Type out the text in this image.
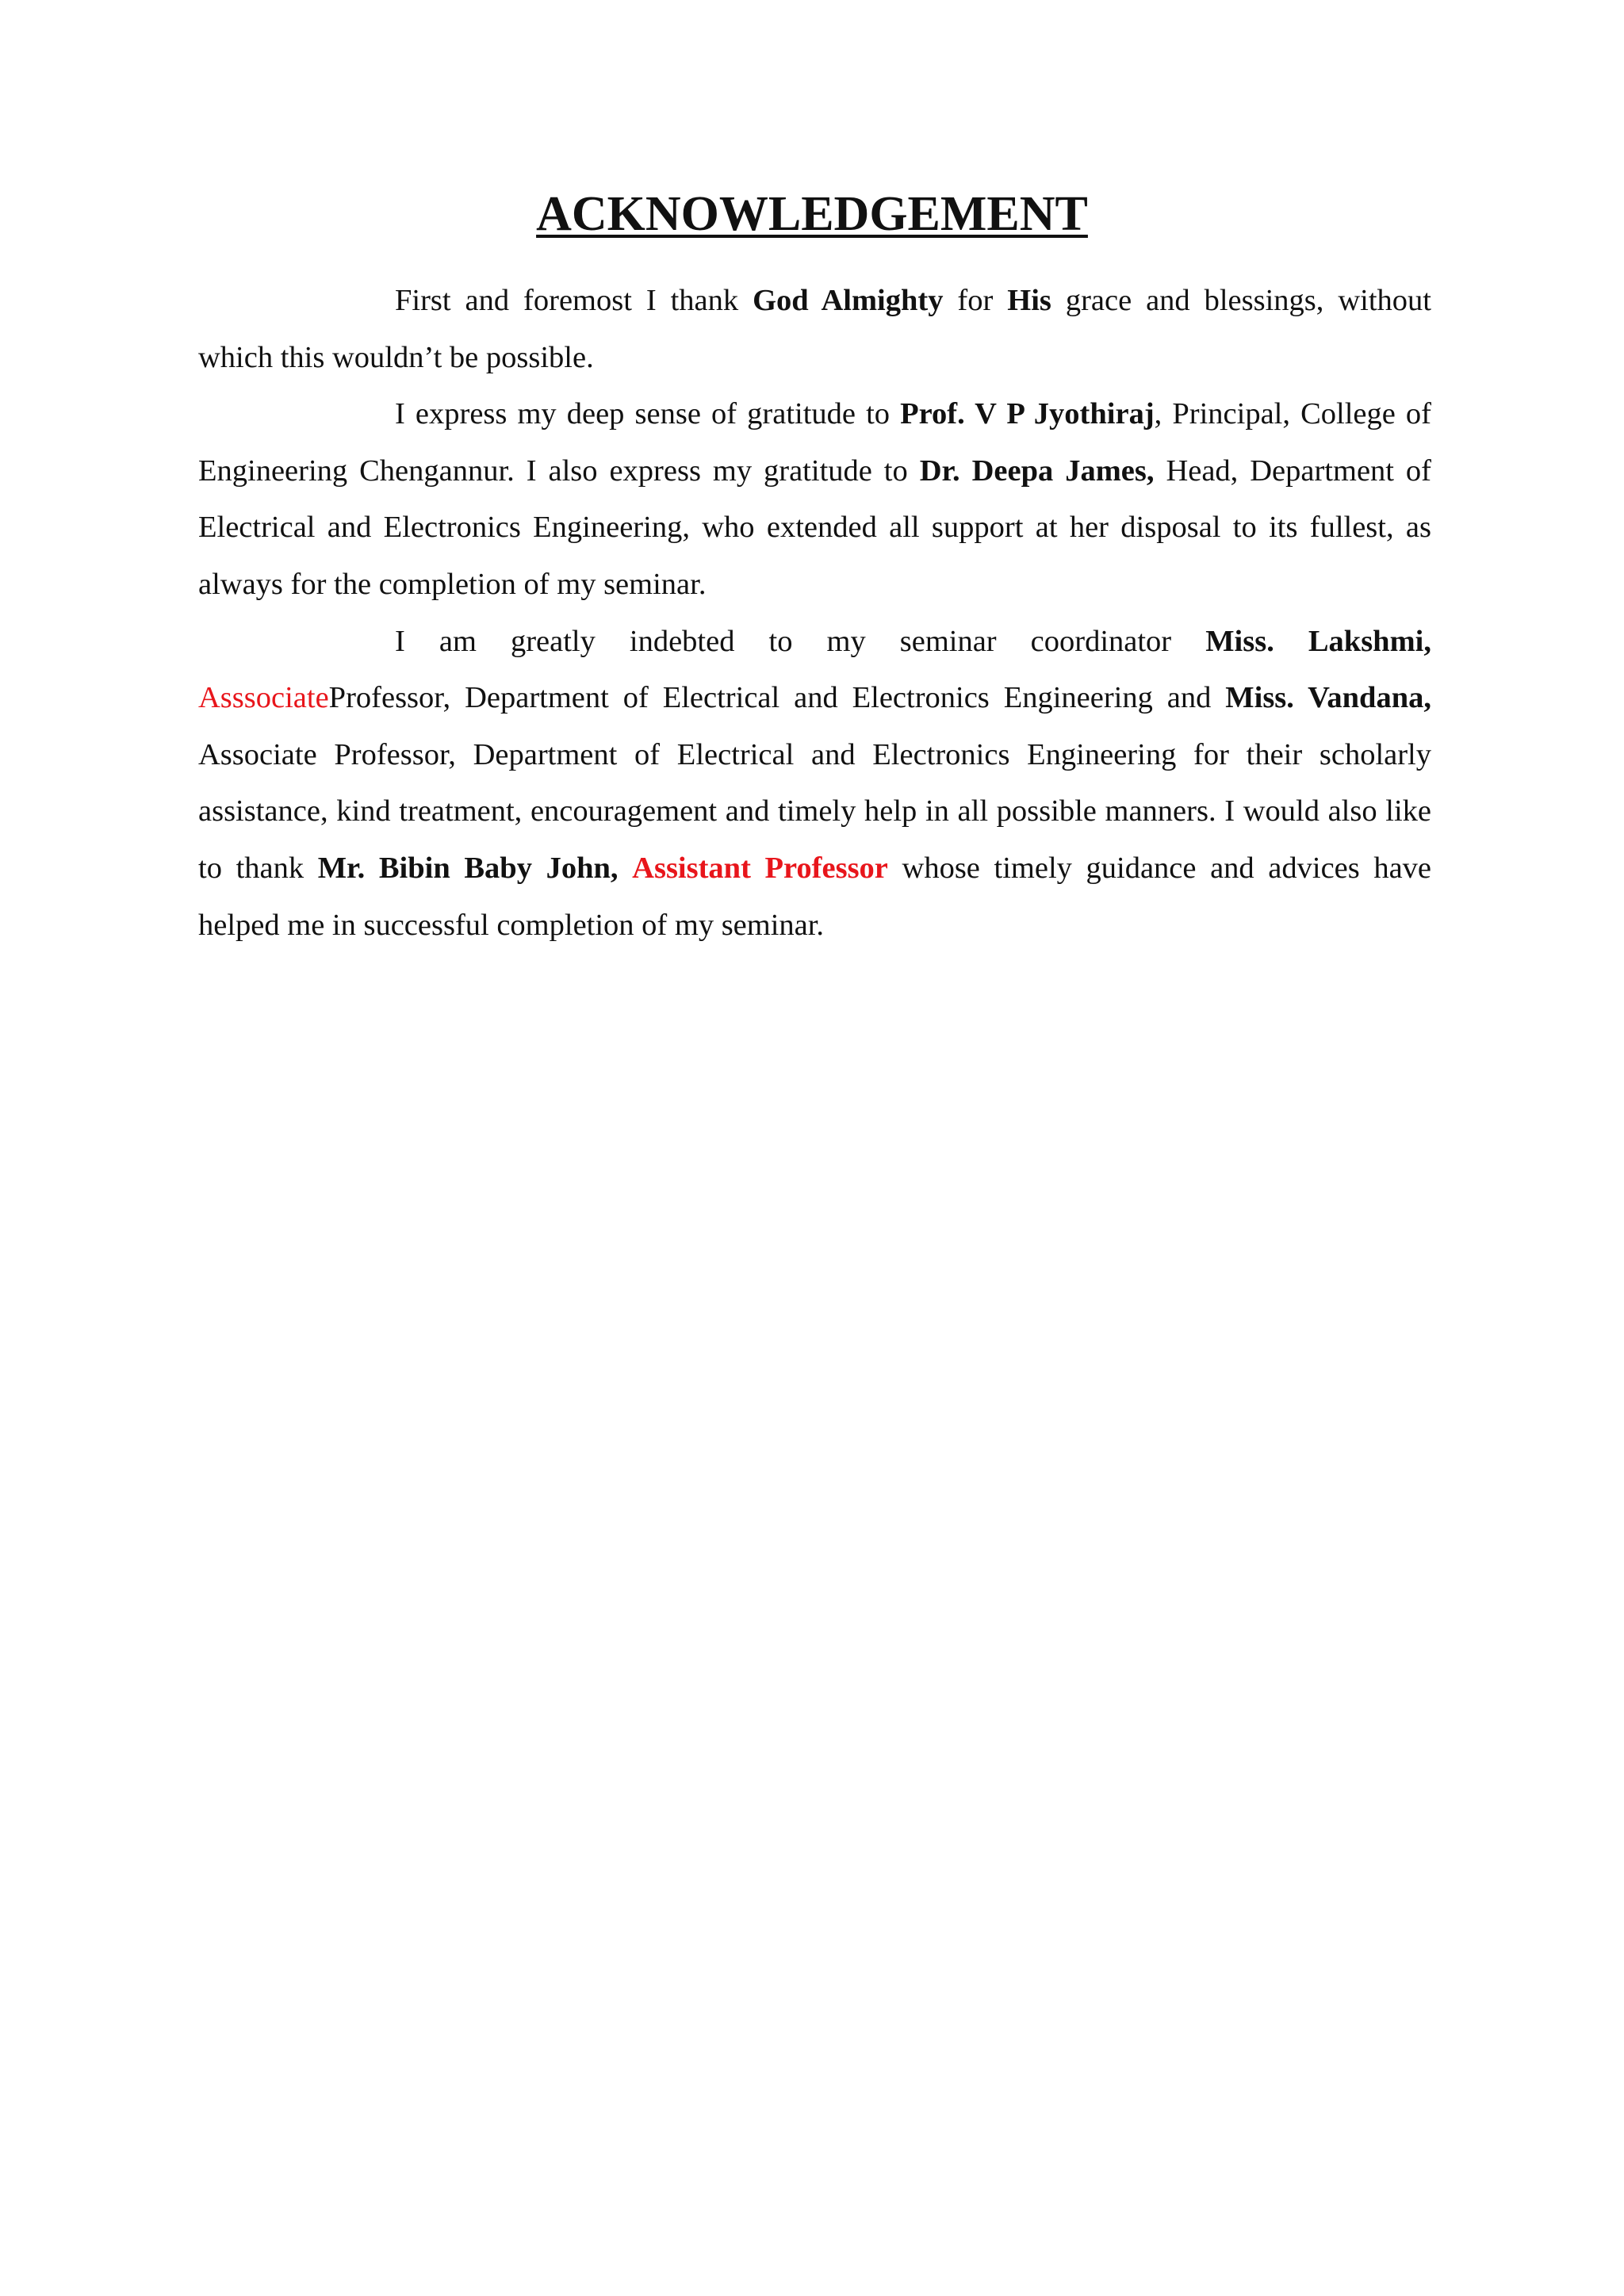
ACKNOWLEDGEMENT

First and foremost I thank God Almighty for His grace and blessings, without which this wouldn’t be possible.

I express my deep sense of gratitude to Prof. V P Jyothiraj, Principal, College of Engineering Chengannur. I also express my gratitude to Dr. Deepa James, Head, Department of Electrical and Electronics Engineering, who extended all support at her disposal to its fullest, as always for the completion of my seminar.

I am greatly indebted to my seminar coordinator Miss. Lakshmi, AsssociateProfessor, Department of Electrical and Electronics Engineering and Miss. Vandana, Associate Professor, Department of Electrical and Electronics Engineering for their scholarly assistance, kind treatment, encouragement and timely help in all possible manners. I would also like to thank Mr. Bibin Baby John, Assistant Professor whose timely guidance and advices have helped me in successful completion of my seminar.
